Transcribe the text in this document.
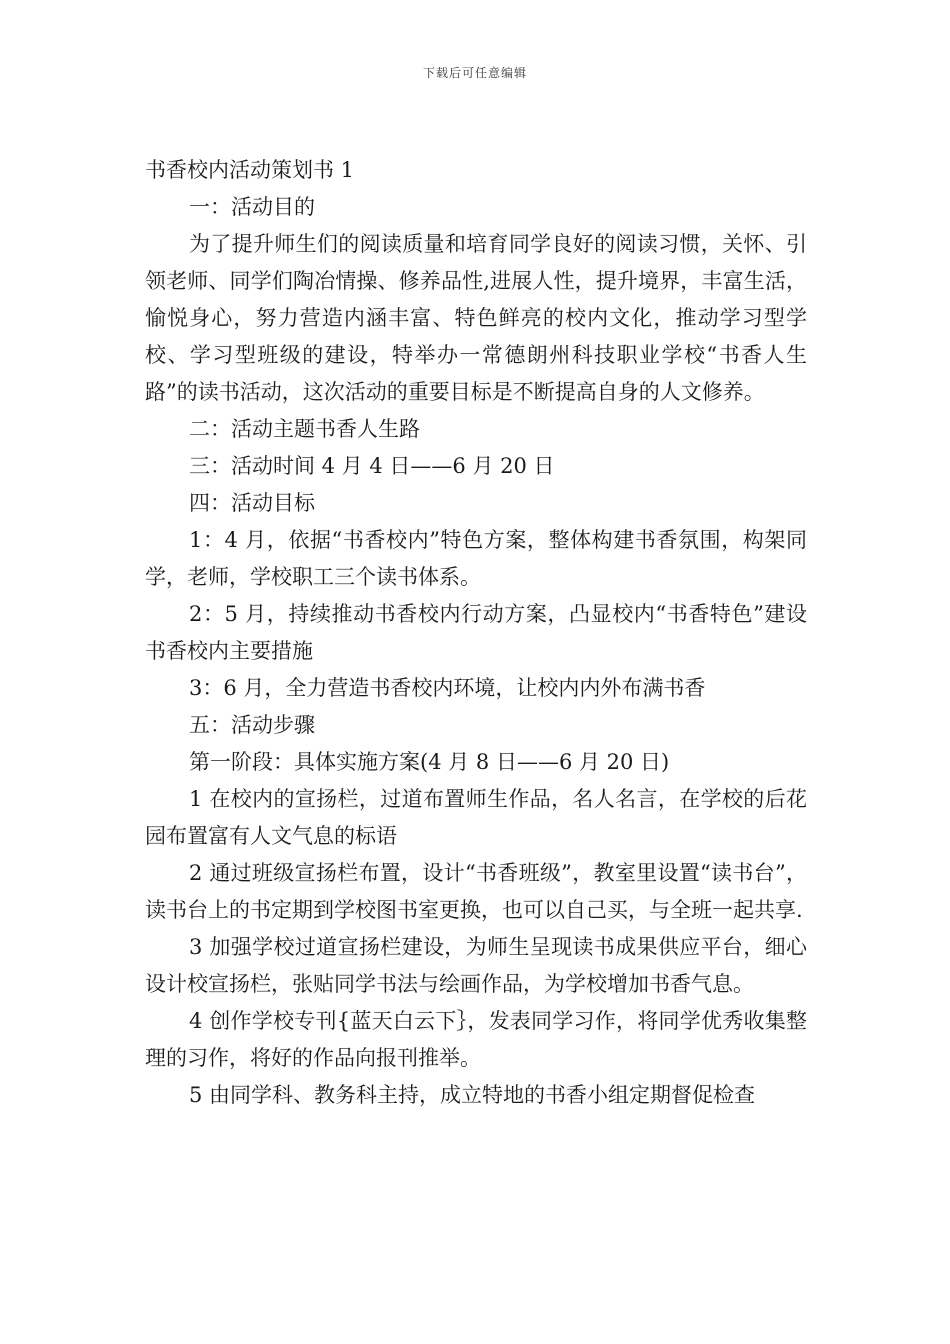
下载后可任意编辑

书香校内活动策划书 1

一：活动目的

为了提升师生们的阅读质量和培育同学良好的阅读习惯，关怀、引领老师、同学们陶冶情操、修养品性,进展人性，提升境界，丰富生活，愉悦身心，努力营造内涵丰富、特色鲜亮的校内文化，推动学习型学校、学习型班级的建设，特举办一常德朗州科技职业学校“书香人生路”的读书活动，这次活动的重要目标是不断提高自身的人文修养。

二：活动主题书香人生路

三：活动时间 4 月 4 日——6 月 20 日

四：活动目标

1：4 月，依据“书香校内”特色方案，整体构建书香氛围，构架同学，老师，学校职工三个读书体系。

2：5 月，持续推动书香校内行动方案，凸显校内“书香特色”建设书香校内主要措施

3：6 月，全力营造书香校内环境，让校内内外布满书香

五：活动步骤

第一阶段：具体实施方案(4 月 8 日——6 月 20 日)

1 在校内的宣扬栏，过道布置师生作品，名人名言，在学校的后花园布置富有人文气息的标语

2 通过班级宣扬栏布置，设计“书香班级”，教室里设置“读书台”，读书台上的书定期到学校图书室更换，也可以自己买，与全班一起共享.

3 加强学校过道宣扬栏建设，为师生呈现读书成果供应平台，细心设计校宣扬栏，张贴同学书法与绘画作品，为学校增加书香气息。

4 创作学校专刊{蓝天白云下｝，发表同学习作，将同学优秀收集整理的习作，将好的作品向报刊推举。

5 由同学科、教务科主持，成立特地的书香小组定期督促检查
